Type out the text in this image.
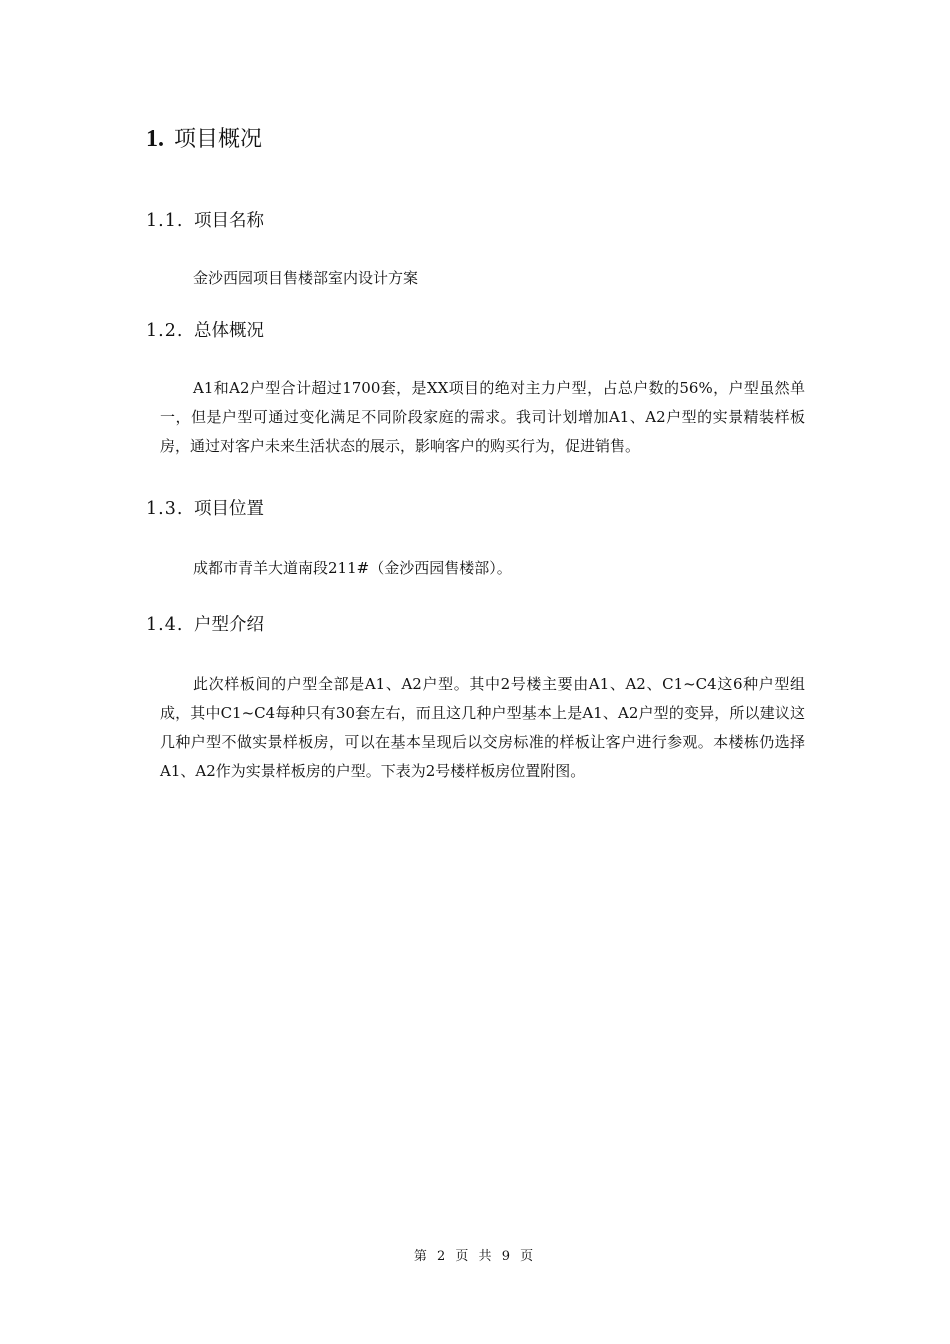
1. 项目概况
1.1. 项目名称

金沙西园项目售楼部室内设计方案

1.2. 总体概况

A1和A2户型合计超过1700套，是XX项目的绝对主力户型，占总户数的56%，户型虽然单一，但是户型可通过变化满足不同阶段家庭的需求。我司计划增加A1、A2户型的实景精装样板房，通过对客户未来生活状态的展示，影响客户的购买行为，促进销售。

1.3. 项目位置

成都市青羊大道南段211#（金沙西园售楼部）。

1.4. 户型介绍

此次样板间的户型全部是A1、A2户型。其中2号楼主要由A1、A2、C1~C4这6种户型组成，其中C1~C4每种只有30套左右，而且这几种户型基本上是A1、A2户型的变异，所以建议这几种户型不做实景样板房，可以在基本呈现后以交房标准的样板让客户进行参观。本楼栋仍选择A1、A2作为实景样板房的户型。下表为2号楼样板房位置附图。

第 2 页 共 9 页
